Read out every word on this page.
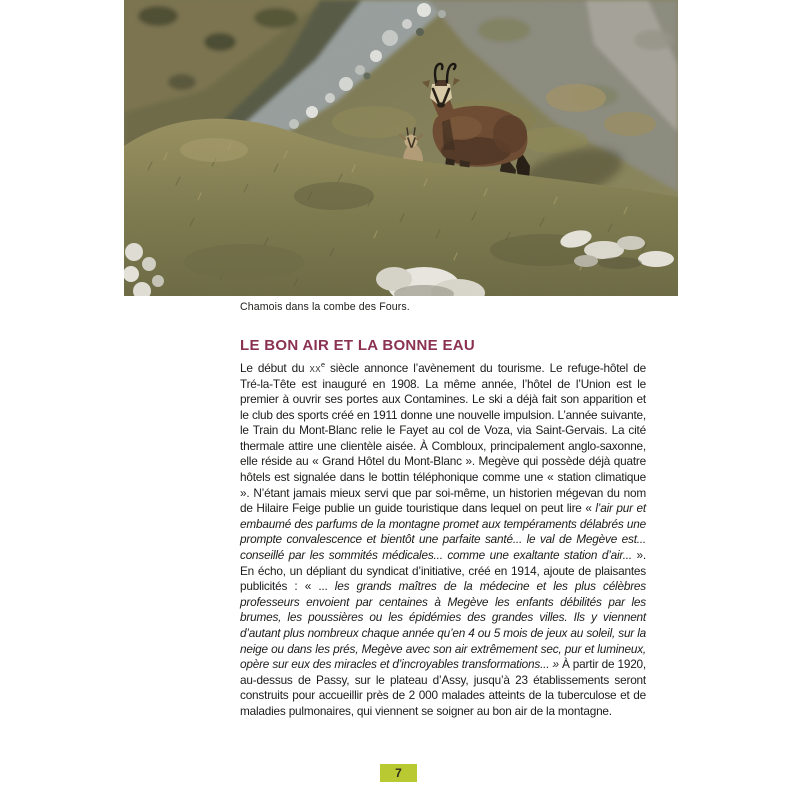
Chamois dans la combe des Fours.
LE BON AIR ET LA BONNE EAU

Le début du $xx^e$ siècle annonce l’avènement du tourisme. Le refuge-hôtel de Tré-la-Tête est inauguré en 1908. La même année, l’hôtel de l’Union est le premier à ouvrir ses portes aux Contamines. Le ski a déjà fait son apparition et le club des sports créé en 1911 donne une nouvelle impulsion. L’année suivante, le Train du Mont-Blanc relie le Fayet au col de Voza, via Saint-Gervais. La cité thermale attire une clientèle aisée. À Combloux, principalement anglo-saxonne, elle réside au « Grand Hôtel du Mont-Blanc ». Megève qui possède déjà quatre hôtels est signalée dans le bottin téléphonique comme une « station climatique ». N’étant jamais mieux servi que par soi-même, un historien mégevan du nom de Hilaire Feige publie un guide touristique dans lequel on peut lire « l’air pur et embaumé des parfums de la montagne promet aux tempéraments délabrés une prompte convalescence et bientôt une parfaite santé... le val de Megève est... conseillé par les sommités médicales... comme une exaltante station d’air... ». En écho, un dépliant du syndicat d’initiative, créé en 1914, ajoute de plaisantes publicités : « ... les grands maîtres de la médecine et les plus célèbres professeurs envoient par centaines à Megève les enfants débilités par les brumes, les poussières ou les épidémies des grandes villes. Ils y viennent d’autant plus nombreux chaque année qu’en 4 ou 5 mois de jeux au soleil, sur la neige ou dans les prés, Megève avec son air extrêmement sec, pur et lumineux, opère sur eux des miracles et d’incroyables transformations... » À partir de 1920, au-dessus de Passy, sur le plateau d’Assy, jusqu’à 23 établissements seront construits pour accueillir près de 2 000 malades atteints de la tuberculose et de maladies pulmonaires, qui viennent se soigner au bon air de la montagne.

7
